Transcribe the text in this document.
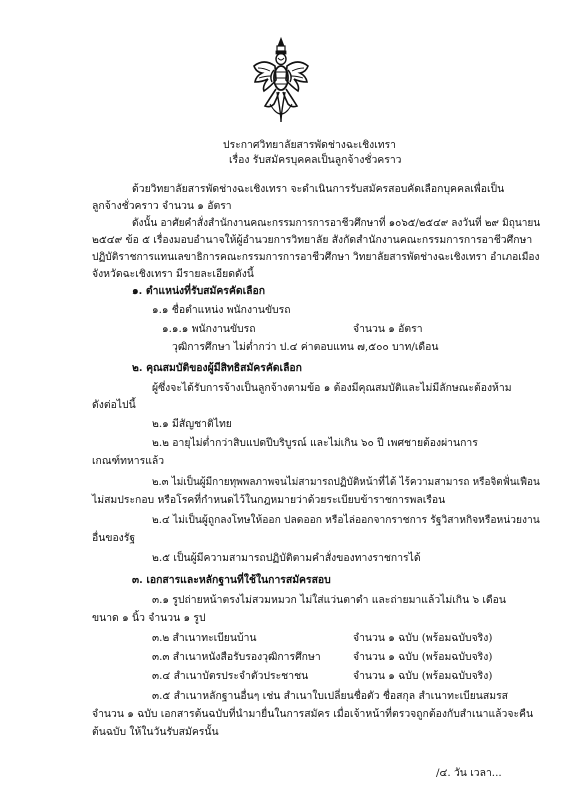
ประกาศวิทยาลัยสารพัดช่างฉะเชิงเทรา
เรื่อง รับสมัครบุคคลเป็นลูกจ้างชั่วคราว
ด้วยวิทยาลัยสารพัดช่างฉะเชิงเทรา จะดำเนินการรับสมัครสอบคัดเลือกบุคคลเพื่อเป็น
ลูกจ้างชั่วคราว จำนวน ๑ อัตรา
ดังนั้น อาศัยคำสั่งสำนักงานคณะกรรมการการอาชีวศึกษาที่ ๑๐๖๕/๒๕๔๙ ลงวันที่ ๒๙ มิถุนายน
๒๕๔๙ ข้อ ๕ เรื่องมอบอำนาจให้ผู้อำนวยการวิทยาลัย สังกัดสำนักงานคณะกรรมการการอาชีวศึกษา
ปฏิบัติราชการแทนเลขาธิการคณะกรรมการการอาชีวศึกษา วิทยาลัยสารพัดช่างฉะเชิงเทรา อำเภอเมือง
จังหวัดฉะเชิงเทรา มีรายละเอียดดังนี้
๑. ตำแหน่งที่รับสมัครคัดเลือก
๑.๑ ชื่อตำแหน่ง พนักงานขับรถ
๑.๑.๑ พนักงานขับรถ	จำนวน ๑ อัตรา
วุฒิการศึกษา ไม่ต่ำกว่า ป.๔ ค่าตอบแทน ๗,๕๐๐ บาท/เดือน
๒. คุณสมบัติของผู้มีสิทธิสมัครคัดเลือก
ผู้ซึ่งจะได้รับการจ้างเป็นลูกจ้างตามข้อ ๑ ต้องมีคุณสมบัติและไม่มีลักษณะต้องห้าม
ดังต่อไปนี้
๒.๑ มีสัญชาติไทย
๒.๒ อายุไม่ต่ำกว่าสิบแปดปีบริบูรณ์ และไม่เกิน ๖๐ ปี เพศชายต้องผ่านการ
เกณฑ์ทหารแล้ว
๒.๓ ไม่เป็นผู้มีกายทุพพลภาพจนไม่สามารถปฏิบัติหน้าที่ได้ ไร้ความสามารถ หรือจิตฟั่นเฟือน
ไม่สมประกอบ หรือโรคที่กำหนดไว้ในกฎหมายว่าด้วยระเบียบข้าราชการพลเรือน
๒.๔ ไม่เป็นผู้ถูกลงโทษให้ออก ปลดออก หรือไล่ออกจากราชการ รัฐวิสาหกิจหรือหน่วยงาน
อื่นของรัฐ
๒.๕ เป็นผู้มีความสามารถปฏิบัติตามคำสั่งของทางราชการได้
๓. เอกสารและหลักฐานที่ใช้ในการสมัครสอบ
๓.๑ รูปถ่ายหน้าตรงไม่สวมหมวก ไม่ใส่แว่นตาดำ และถ่ายมาแล้วไม่เกิน ๖ เดือน
ขนาด ๑ นิ้ว จำนวน ๑ รูป
๓.๒ สำเนาทะเบียนบ้าน	จำนวน ๑ ฉบับ (พร้อมฉบับจริง)
๓.๓ สำเนาหนังสือรับรองวุฒิการศึกษา	จำนวน ๑ ฉบับ (พร้อมฉบับจริง)
๓.๔ สำเนาบัตรประจำตัวประชาชน	จำนวน ๑ ฉบับ (พร้อมฉบับจริง)
๓.๕ สำเนาหลักฐานอื่นๆ เช่น สำเนาใบเปลี่ยนชื่อตัว ชื่อสกุล สำเนาทะเบียนสมรส
จำนวน ๑ ฉบับ เอกสารต้นฉบับที่นำมายื่นในการสมัคร เมื่อเจ้าหน้าที่ตรวจถูกต้องกับสำเนาแล้วจะคืน
ต้นฉบับ ให้ในวันรับสมัครนั้น
/๔. วัน เวลา...
